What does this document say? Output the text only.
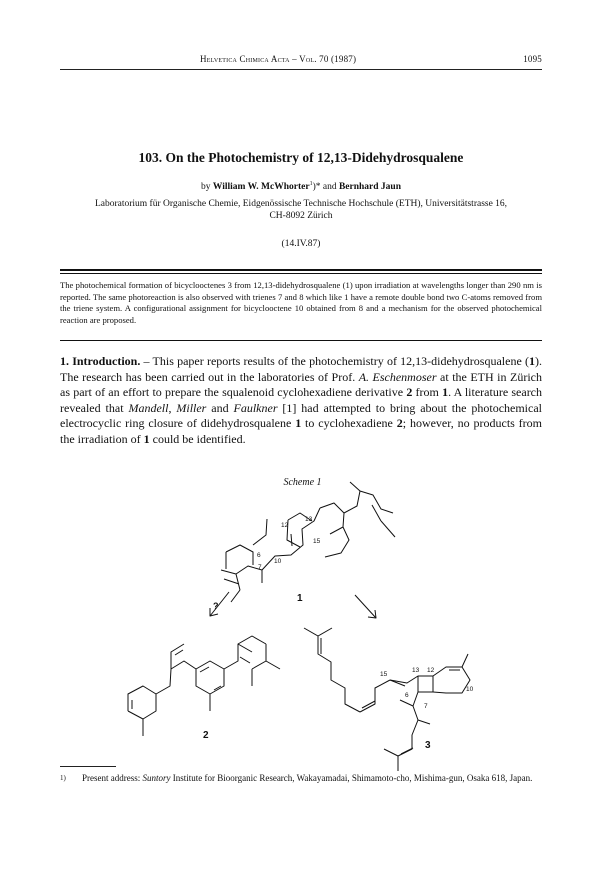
Helvetica Chimica Acta – Vol. 70 (1987)	1095
103. On the Photochemistry of 12,13-Didehydrosqualene
by William W. McWhorter$^1$)* and Bernhard Jaun
Laboratorium für Organische Chemie, Eidgenössische Technische Hochschule (ETH), Universitätstrasse 16,
CH-8092 Zürich
(14.IV.87)
The photochemical formation of bicyclooctenes 3 from 12,13-didehydrosqualene (1) upon irradiation at wavelengths longer than 290 nm is reported. The same photoreaction is also observed with trienes 7 and 8 which like 1 have a remote double bond two C-atoms removed from the triene system. A configurational assignment for bicyclooctene 10 obtained from 8 and a mechanism for the observed photochemical reaction are proposed.
1. Introduction. – This paper reports results of the photochemistry of 12,13-didehydrosqualene (1). The research has been carried out in the laboratories of Prof. A. Eschenmoser at the ETH in Zürich as part of an effort to prepare the squalenoid cyclohexadiene derivative 2 from 1. A literature search revealed that Mandell, Miller and Faulkner [1] had attempted to bring about the photochemical electrocyclic ring closure of didehydrosqualene 1 to cyclohexadiene 2; however, no products from the irradiation of 1 could be identified.
Scheme 1
13
12
15
6
10
7
15
13 12
10
6
7
?
1
2
3
1) Present address: Suntory Institute for Bioorganic Research, Wakayamadai, Shimamoto-cho, Mishima-gun, Osaka 618, Japan.
